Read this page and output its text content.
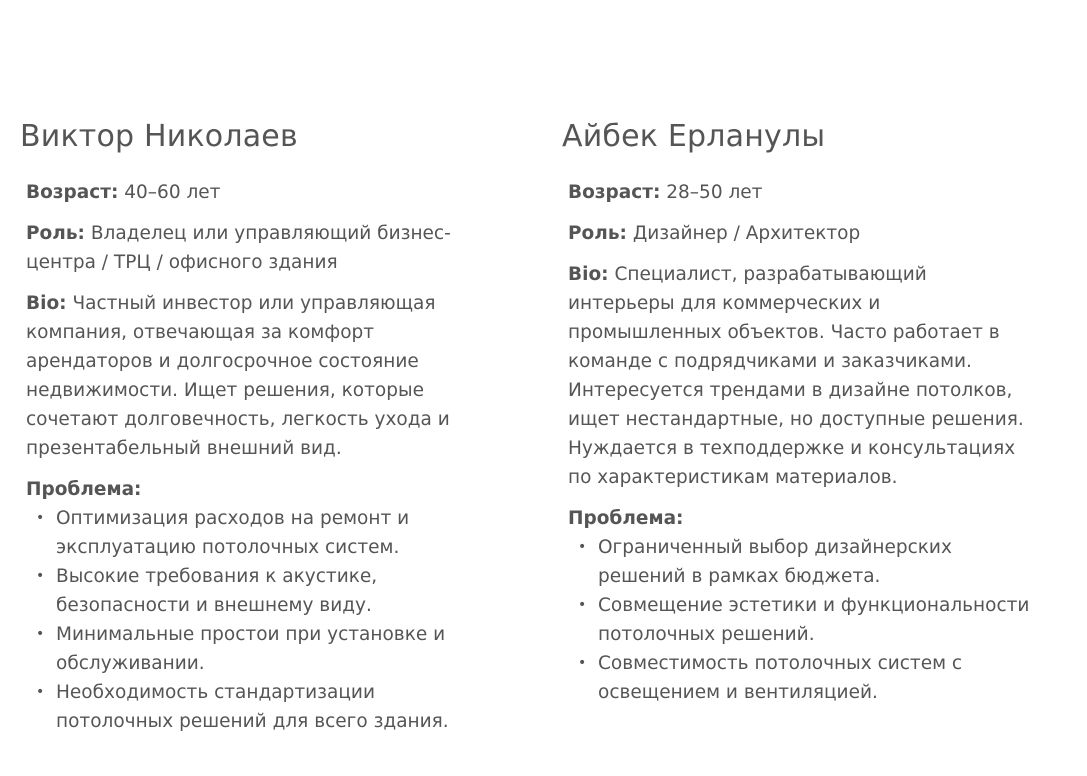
Виктор Николаев
Возраст: 40–60 лет
Роль: Владелец или управляющий бизнес-центра / ТРЦ / офисного здания
Bio: Частный инвестор или управляющая компания, отвечающая за комфорт арендаторов и долгосрочное состояние недвижимости. Ищет решения, которые сочетают долговечность, легкость ухода и презентабельный внешний вид.
Проблема:
• Оптимизация расходов на ремонт и эксплуатацию потолочных систем.
• Высокие требования к акустике, безопасности и внешнему виду.
• Минимальные простои при установке и обслуживании.
• Необходимость стандартизации потолочных решений для всего здания.
Айбек Ерланулы
Возраст: 28–50 лет
Роль: Дизайнер / Архитектор
Bio: Специалист, разрабатывающий интерьеры для коммерческих и промышленных объектов. Часто работает в команде с подрядчиками и заказчиками. Интересуется трендами в дизайне потолков, ищет нестандартные, но доступные решения. Нуждается в техподдержке и консультациях по характеристикам материалов.
Проблема:
• Ограниченный выбор дизайнерских решений в рамках бюджета.
• Совмещение эстетики и функциональности потолочных решений.
• Совместимость потолочных систем с освещением и вентиляцией.
